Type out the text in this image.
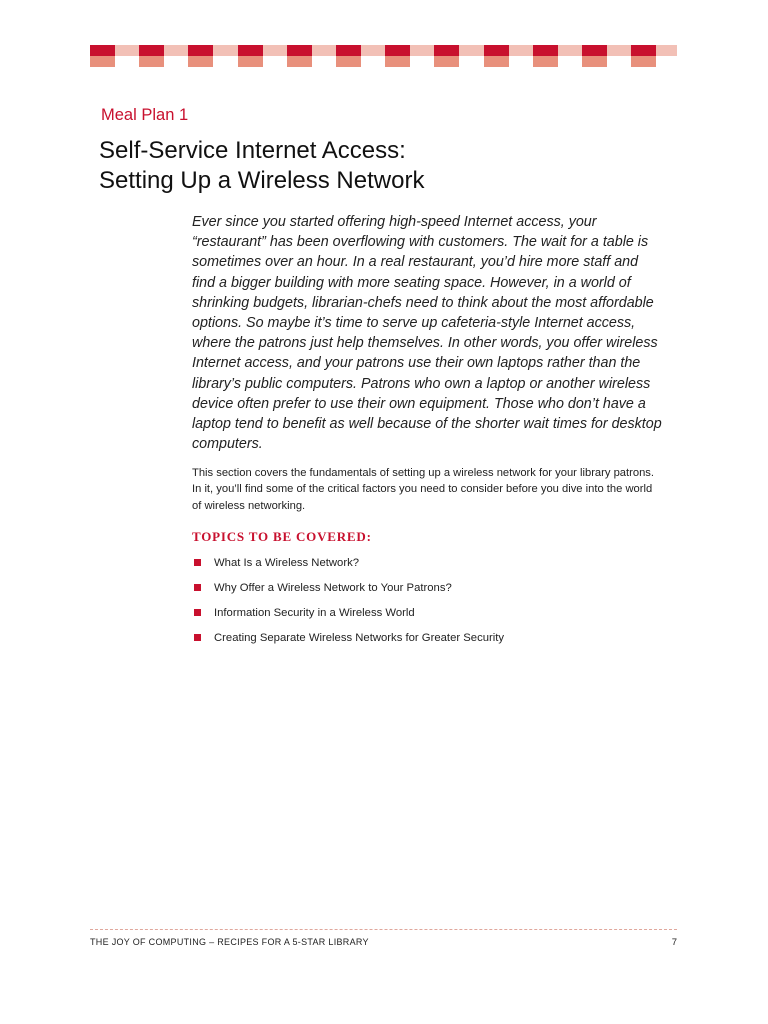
Meal Plan 1
Self-Service Internet Access:
Setting Up a Wireless Network

Ever since you started offering high-speed Internet access, your “restaurant” has been overflowing with customers. The wait for a table is sometimes over an hour. In a real restaurant, you’d hire more staff and find a bigger building with more seating space. However, in a world of shrinking budgets, librarian-chefs need to think about the most affordable options. So maybe it’s time to serve up cafeteria-style Internet access, where the patrons just help themselves. In other words, you offer wireless Internet access, and your patrons use their own laptops rather than the library’s public computers. Patrons who own a laptop or another wireless device often prefer to use their own equipment. Those who don’t have a laptop tend to benefit as well because of the shorter wait times for desktop computers.

This section covers the fundamentals of setting up a wireless network for your library patrons. In it, you’ll find some of the critical factors you need to consider before you dive into the world of wireless networking.

TOPICS TO BE COVERED:
What Is a Wireless Network?
Why Offer a Wireless Network to Your Patrons?
Information Security in a Wireless World
Creating Separate Wireless Networks for Greater Security
THE JOY OF COMPUTING – RECIPES FOR A 5-STAR LIBRARY	7
